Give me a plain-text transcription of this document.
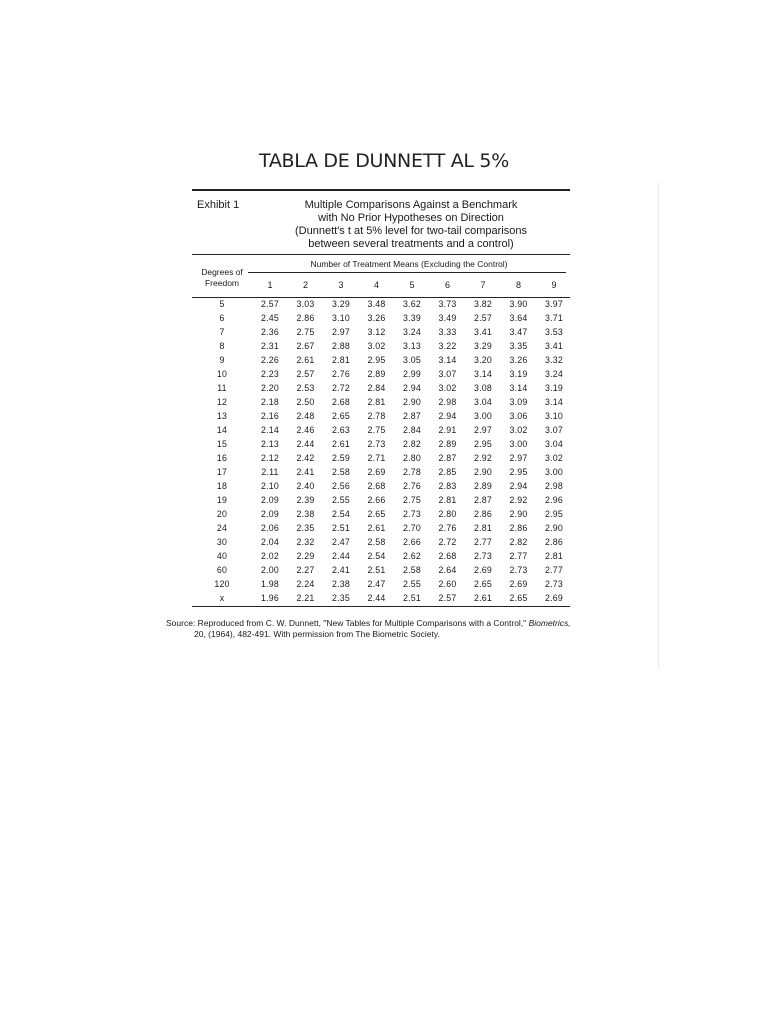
TABLA DE DUNNETT AL 5%
Exhibit 1	Multiple Comparisons Against a Benchmark
with No Prior Hypotheses on Direction
(Dunnett's t at 5% level for two-tail comparisons
between several treatments and a control)
Number of Treatment Means (Excluding the Control)
Degrees of
Freedom	1	2	3	4	5	6	7	8	9
5	2.57	3.03	3.29	3.48	3.62	3.73	3.82	3.90	3.97
6	2.45	2.86	3.10	3.26	3.39	3.49	2.57	3.64	3.71
7	2.36	2.75	2.97	3.12	3.24	3.33	3.41	3.47	3.53
8	2.31	2.67	2.88	3.02	3.13	3.22	3.29	3.35	3.41
9	2.26	2.61	2.81	2.95	3.05	3.14	3.20	3.26	3.32
10	2.23	2.57	2.76	2.89	2.99	3.07	3.14	3.19	3.24
11	2.20	2.53	2.72	2.84	2.94	3.02	3.08	3.14	3.19
12	2.18	2.50	2.68	2.81	2.90	2.98	3.04	3.09	3.14
13	2.16	2.48	2.65	2.78	2.87	2.94	3.00	3.06	3.10
14	2.14	2.46	2.63	2.75	2.84	2.91	2.97	3.02	3.07
15	2.13	2.44	2.61	2.73	2.82	2.89	2.95	3.00	3.04
16	2.12	2.42	2.59	2.71	2.80	2.87	2.92	2.97	3.02
17	2.11	2.41	2.58	2.69	2.78	2.85	2.90	2.95	3.00
18	2.10	2.40	2.56	2.68	2.76	2.83	2.89	2.94	2.98
19	2.09	2.39	2.55	2.66	2.75	2.81	2.87	2.92	2.96
20	2.09	2.38	2.54	2.65	2.73	2.80	2.86	2.90	2.95
24	2.06	2.35	2.51	2.61	2.70	2.76	2.81	2.86	2.90
30	2.04	2.32	2.47	2.58	2.66	2.72	2.77	2.82	2.86
40	2.02	2.29	2.44	2.54	2.62	2.68	2.73	2.77	2.81
60	2.00	2.27	2.41	2.51	2.58	2.64	2.69	2.73	2.77
120	1.98	2.24	2.38	2.47	2.55	2.60	2.65	2.69	2.73
x	1.96	2.21	2.35	2.44	2.51	2.57	2.61	2.65	2.69
Source: Reproduced from C. W. Dunnett, "New Tables for Multiple Comparisons with a Control," Biometrics,
20, (1964), 482-491. With permission from The Biometric Society.
